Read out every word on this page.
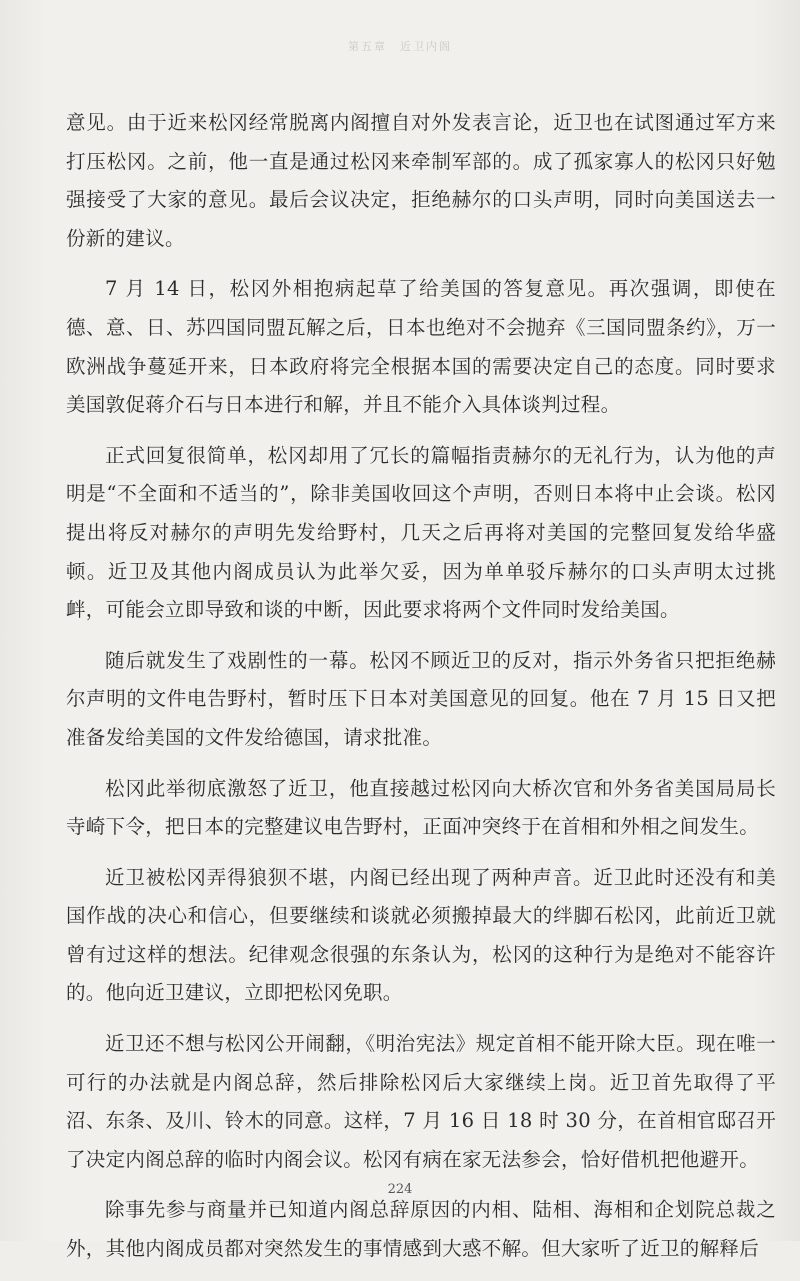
第五章　近卫内阁

意见。由于近来松冈经常脱离内阁擅自对外发表言论，近卫也在试图通过军方来打压松冈。之前，他一直是通过松冈来牵制军部的。成了孤家寡人的松冈只好勉强接受了大家的意见。最后会议决定，拒绝赫尔的口头声明，同时向美国送去一份新的建议。

7 月 14 日，松冈外相抱病起草了给美国的答复意见。再次强调，即使在德、意、日、苏四国同盟瓦解之后，日本也绝对不会抛弃《三国同盟条约》，万一欧洲战争蔓延开来，日本政府将完全根据本国的需要决定自己的态度。同时要求美国敦促蒋介石与日本进行和解，并且不能介入具体谈判过程。

正式回复很简单，松冈却用了冗长的篇幅指责赫尔的无礼行为，认为他的声明是“不全面和不适当的”，除非美国收回这个声明，否则日本将中止会谈。松冈提出将反对赫尔的声明先发给野村，几天之后再将对美国的完整回复发给华盛顿。近卫及其他内阁成员认为此举欠妥，因为单单驳斥赫尔的口头声明太过挑衅，可能会立即导致和谈的中断，因此要求将两个文件同时发给美国。

随后就发生了戏剧性的一幕。松冈不顾近卫的反对，指示外务省只把拒绝赫尔声明的文件电告野村，暂时压下日本对美国意见的回复。他在 7 月 15 日又把准备发给美国的文件发给德国，请求批准。

松冈此举彻底激怒了近卫，他直接越过松冈向大桥次官和外务省美国局局长寺崎下令，把日本的完整建议电告野村，正面冲突终于在首相和外相之间发生。

近卫被松冈弄得狼狈不堪，内阁已经出现了两种声音。近卫此时还没有和美国作战的决心和信心，但要继续和谈就必须搬掉最大的绊脚石松冈，此前近卫就曾有过这样的想法。纪律观念很强的东条认为，松冈的这种行为是绝对不能容许的。他向近卫建议，立即把松冈免职。

近卫还不想与松冈公开闹翻，《明治宪法》规定首相不能开除大臣。现在唯一可行的办法就是内阁总辞，然后排除松冈后大家继续上岗。近卫首先取得了平沼、东条、及川、铃木的同意。这样，7 月 16 日 18 时 30 分，在首相官邸召开了决定内阁总辞的临时内阁会议。松冈有病在家无法参会，恰好借机把他避开。

除事先参与商量并已知道内阁总辞原因的内相、陆相、海相和企划院总裁之外，其他内阁成员都对突然发生的事情感到大惑不解。但大家听了近卫的解释后

224
